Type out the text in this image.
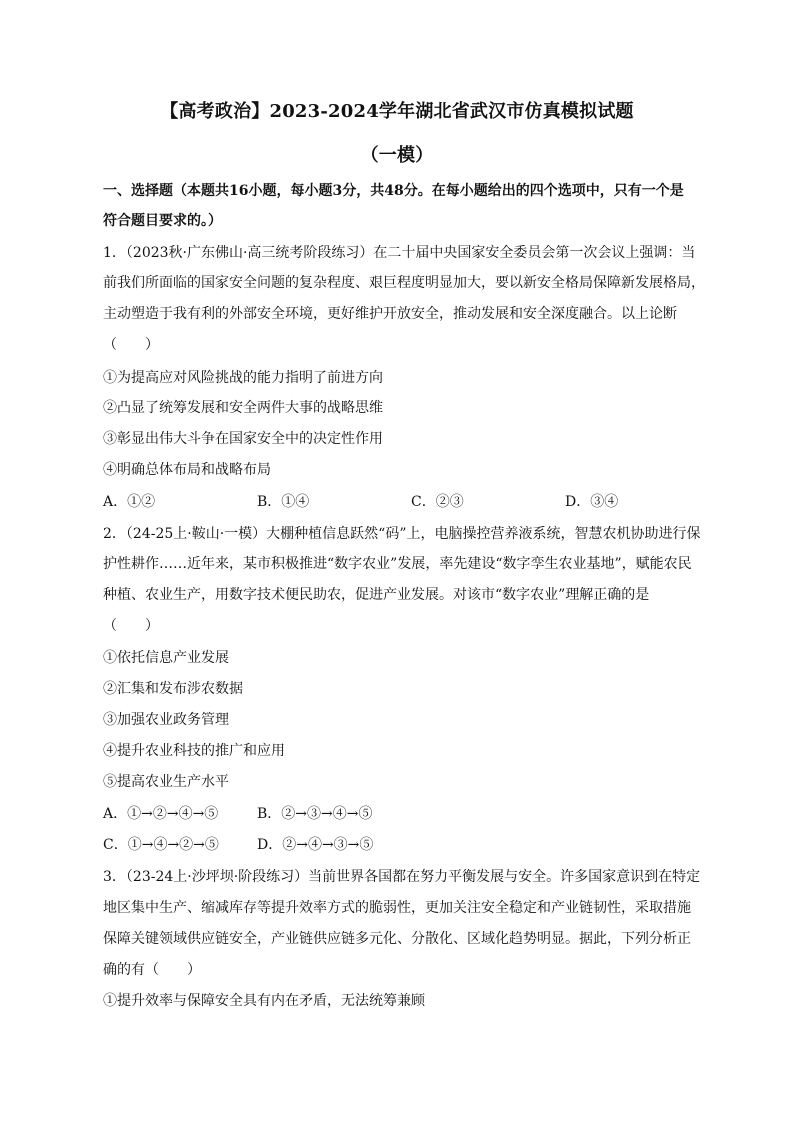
【高考政治】2023-2024学年湖北省武汉市仿真模拟试题
（一模）
一、选择题（本题共16小题，每小题3分，共48分。在每小题给出的四个选项中，只有一个是
符合题目要求的。）
1．（2023秋·广东佛山·高三统考阶段练习）在二十届中央国家安全委员会第一次会议上强调：当
前我们所面临的国家安全问题的复杂程度、艰巨程度明显加大，要以新安全格局保障新发展格局，
主动塑造于我有利的外部安全环境，更好维护开放安全，推动发展和安全深度融合。以上论断
（　　）
①为提高应对风险挑战的能力指明了前进方向
②凸显了统筹发展和安全两件大事的战略思维
③彰显出伟大斗争在国家安全中的决定性作用
④明确总体布局和战略布局
A．①②	B．①④	C．②③	D．③④
2．（24-25上·鞍山·一模）大棚种植信息跃然“码”上，电脑操控营养液系统，智慧农机协助进行保
护性耕作……近年来，某市积极推进“数字农业”发展，率先建设“数字孪生农业基地”，赋能农民
种植、农业生产，用数字技术便民助农，促进产业发展。对该市“数字农业”理解正确的是
（　　）
①依托信息产业发展
②汇集和发布涉农数据
③加强农业政务管理
④提升农业科技的推广和应用
⑤提高农业生产水平
A．①→②→④→⑤	B．②→③→④→⑤
C．①→④→②→⑤	D．②→④→③→⑤
3．（23-24上·沙坪坝·阶段练习）当前世界各国都在努力平衡发展与安全。许多国家意识到在特定
地区集中生产、缩减库存等提升效率方式的脆弱性，更加关注安全稳定和产业链韧性，采取措施
保障关键领域供应链安全，产业链供应链多元化、分散化、区域化趋势明显。据此，下列分析正
确的有（　　）
①提升效率与保障安全具有内在矛盾，无法统筹兼顾
